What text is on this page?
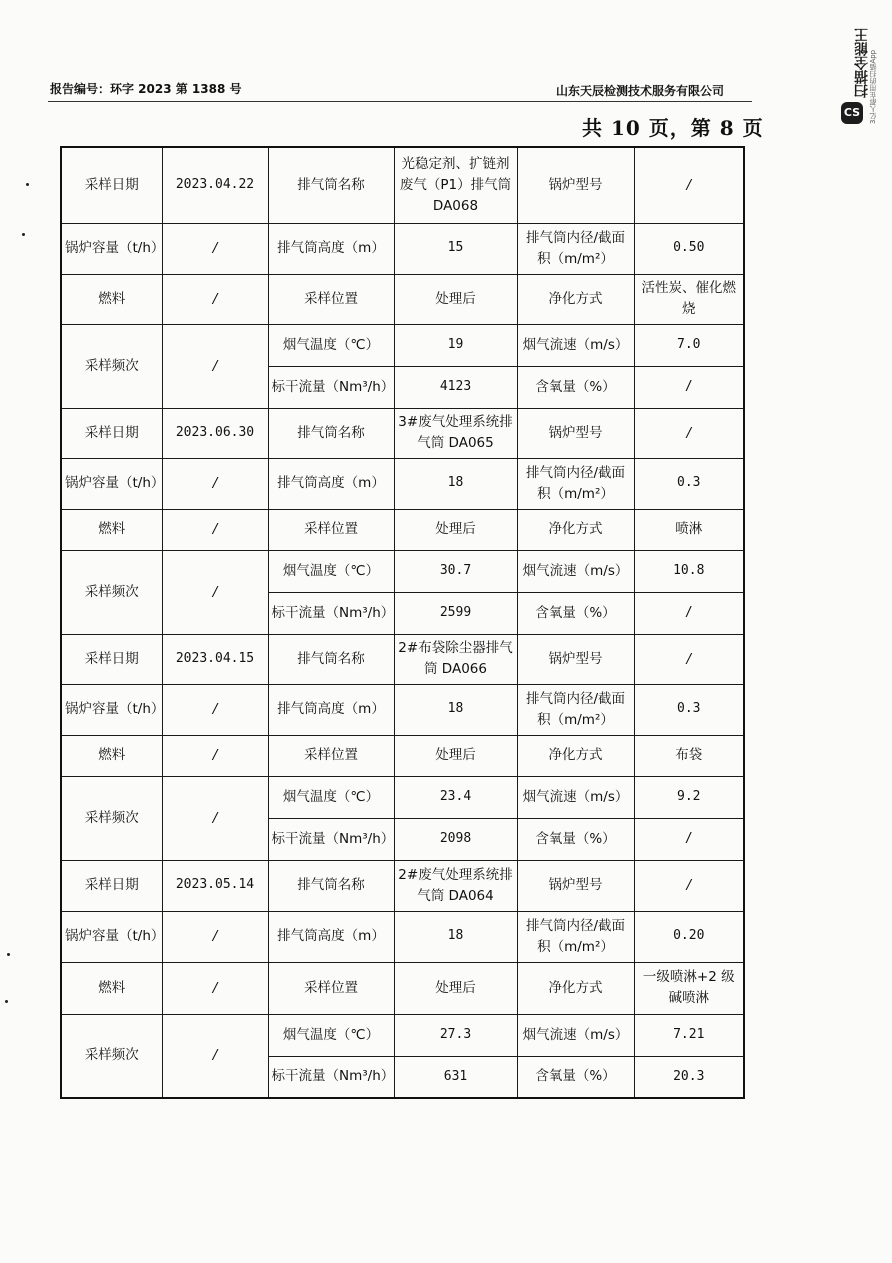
报告编号：环字 2023 第 1388 号	山东天辰检测技术服务有限公司
共 10 页，第 8 页
扫描全能王 3亿人都在用的扫描App
CS
采样日期	2023.04.22	排气筒名称	光稳定剂、扩链剂废气（P1）排气筒 DA068	锅炉型号	/
锅炉容量（t/h）	/	排气筒高度（m）	15	排气筒内径/截面积（m/m²）	0.50
燃料	/	采样位置	处理后	净化方式	活性炭、催化燃烧
采样频次	/	烟气温度（℃）	19	烟气流速（m/s）	7.0
		标干流量（Nm³/h）	4123	含氧量（%）	/
采样日期	2023.06.30	排气筒名称	3#废气处理系统排气筒 DA065	锅炉型号	/
锅炉容量（t/h）	/	排气筒高度（m）	18	排气筒内径/截面积（m/m²）	0.3
燃料	/	采样位置	处理后	净化方式	喷淋
采样频次	/	烟气温度（℃）	30.7	烟气流速（m/s）	10.8
		标干流量（Nm³/h）	2599	含氧量（%）	/
采样日期	2023.04.15	排气筒名称	2#布袋除尘器排气筒 DA066	锅炉型号	/
锅炉容量（t/h）	/	排气筒高度（m）	18	排气筒内径/截面积（m/m²）	0.3
燃料	/	采样位置	处理后	净化方式	布袋
采样频次	/	烟气温度（℃）	23.4	烟气流速（m/s）	9.2
		标干流量（Nm³/h）	2098	含氧量（%）	/
采样日期	2023.05.14	排气筒名称	2#废气处理系统排气筒 DA064	锅炉型号	/
锅炉容量（t/h）	/	排气筒高度（m）	18	排气筒内径/截面积（m/m²）	0.20
燃料	/	采样位置	处理后	净化方式	一级喷淋+2 级碱喷淋
采样频次	/	烟气温度（℃）	27.3	烟气流速（m/s）	7.21
		标干流量（Nm³/h）	631	含氧量（%）	20.3
